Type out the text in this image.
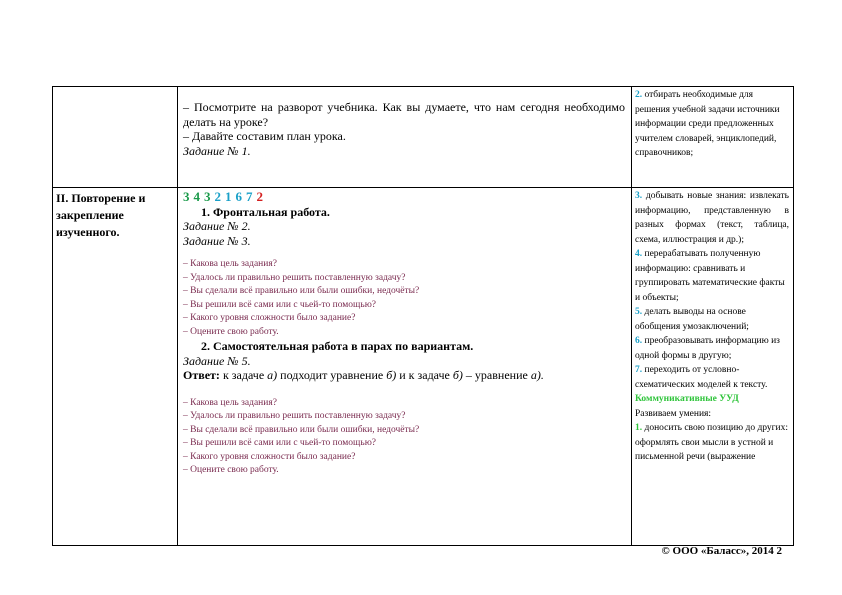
– Посмотрите на разворот учебника. Как вы думаете, что нам сегодня необходимо делать на уроке?

– Давайте составим план урока.

Задание № 1.

2. отбирать необходимые для решения учебной задачи источники информации среди предложенных учителем словарей, энциклопедий, справочников;

II. Повторение и закрепление изученного.

3 4 3 2 1 6 7 2

1. Фронтальная работа.

Задание № 2.

Задание № 3.

– Какова цель задания?

– Удалось ли правильно решить поставленную задачу?

– Вы сделали всё правильно или были ошибки, недочёты?

– Вы решили всё сами или с чьей-то помощью?

– Какого уровня сложности было задание?

– Оцените свою работу.

2. Самостоятельная работа в парах по вариантам.

Задание № 5.

Ответ: к задаче а) подходит уравнение б) и к задаче б) – уравнение а).

– Какова цель задания?

– Удалось ли правильно решить поставленную задачу?

– Вы сделали всё правильно или были ошибки, недочёты?

– Вы решили всё сами или с чьей-то помощью?

– Какого уровня сложности было задание?

– Оцените свою работу.

3. добывать новые знания: извлекать информацию, представленную в разных формах (текст, таблица, схема, иллюстрация и др.);

4. перерабатывать полученную информацию: сравнивать и группировать математические факты и объекты;

5. делать выводы на основе обобщения умозаключений;

6. преобразовывать информацию из одной формы в другую;

7. переходить от условно-схематических моделей к тексту.

Коммуникативные УУД

Развиваем умения:

1. доносить свою позицию до других: оформлять свои мысли в устной и письменной речи (выражение

© ООО «Баласс», 2014 2
